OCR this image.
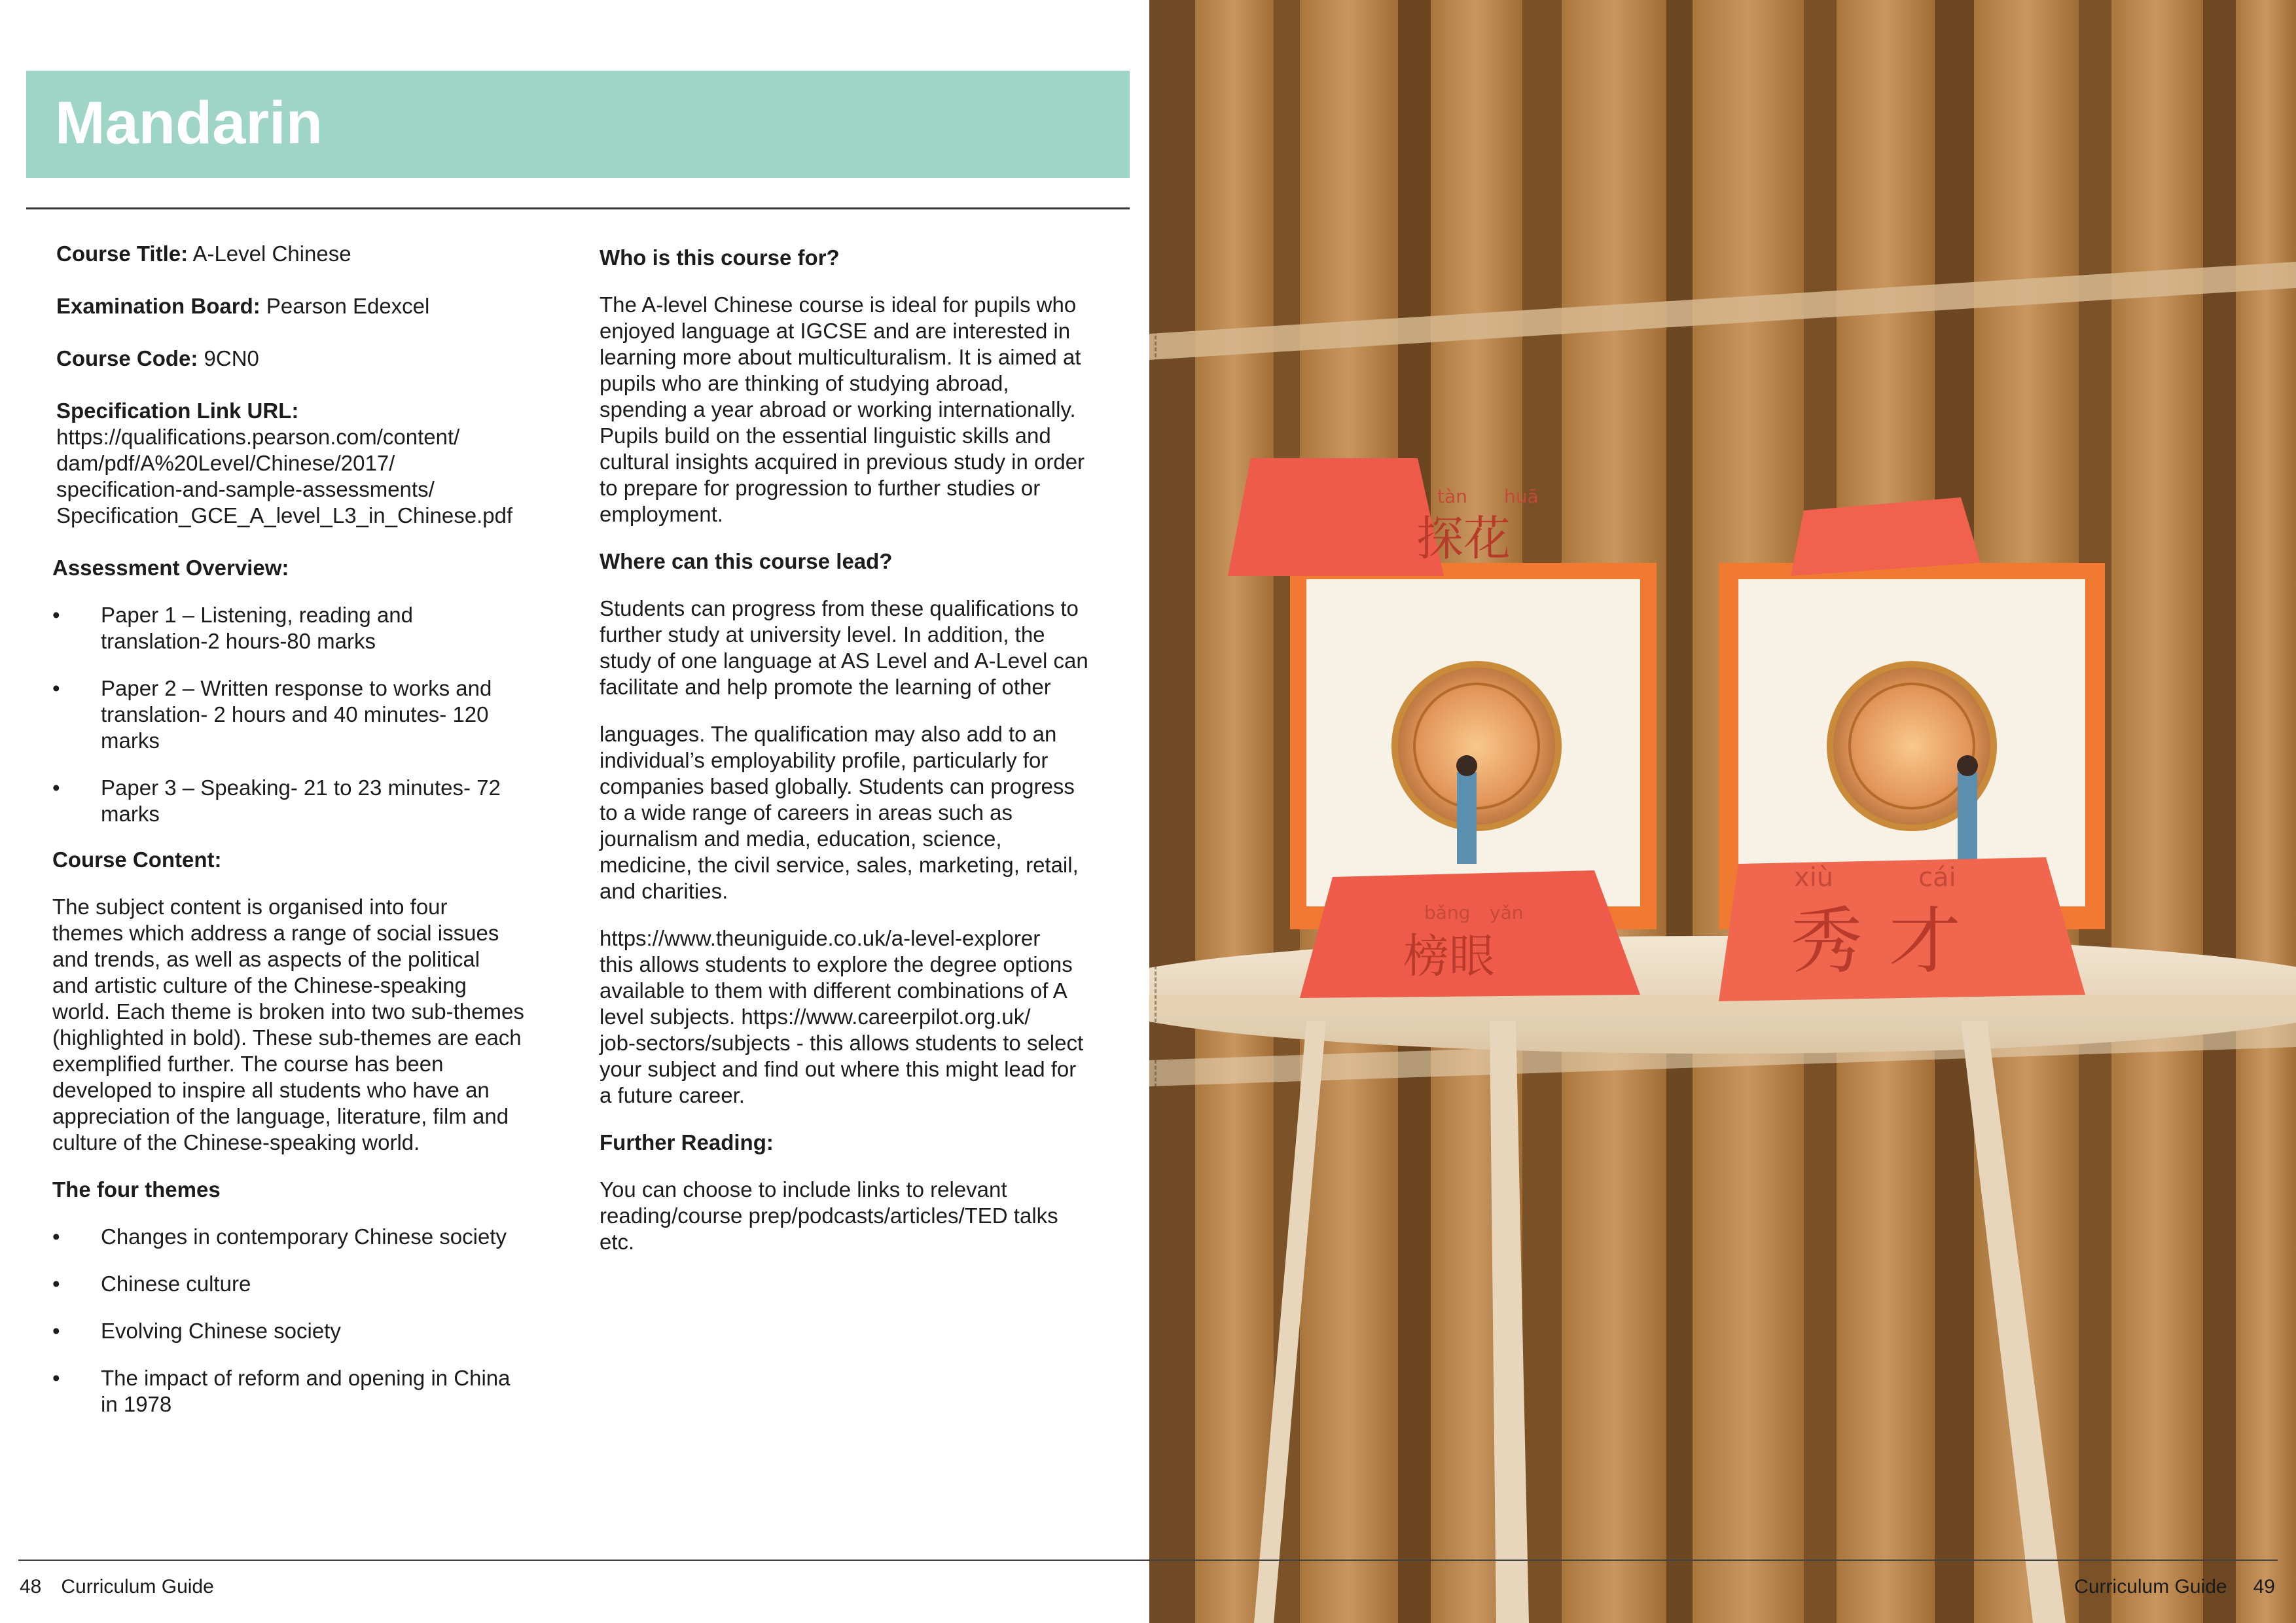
Mandarin
Course Title: A-Level Chinese
Examination Board: Pearson Edexcel
Course Code: 9CN0
Specification Link URL:
https://qualifications.pearson.com/content/
dam/pdf/A%20Level/Chinese/2017/
specification-and-sample-assessments/
Specification_GCE_A_level_L3_in_Chinese.pdf
Assessment Overview:
• Paper 1 – Listening, reading and
translation-2 hours-80 marks
• Paper 2 – Written response to works and
translation- 2 hours and 40 minutes- 120
marks
• Paper 3 – Speaking- 21 to 23 minutes- 72
marks
Course Content:
The subject content is organised into four
themes which address a range of social issues
and trends, as well as aspects of the political
and artistic culture of the Chinese-speaking
world. Each theme is broken into two sub-themes
(highlighted in bold). These sub-themes are each
exemplified further. The course has been
developed to inspire all students who have an
appreciation of the language, literature, film and
culture of the Chinese-speaking world.
The four themes
• Changes in contemporary Chinese society
• Chinese culture
• Evolving Chinese society
• The impact of reform and opening in China
in 1978
Who is this course for?
The A-level Chinese course is ideal for pupils who
enjoyed language at IGCSE and are interested in
learning more about multiculturalism. It is aimed at
pupils who are thinking of studying abroad,
spending a year abroad or working internationally.
Pupils build on the essential linguistic skills and
cultural insights acquired in previous study in order
to prepare for progression to further studies or
employment.
Where can this course lead?
Students can progress from these qualifications to
further study at university level. In addition, the
study of one language at AS Level and A-Level can
facilitate and help promote the learning of other
languages. The qualification may also add to an
individual’s employability profile, particularly for
companies based globally. Students can progress
to a wide range of careers in areas such as
journalism and media, education, science,
medicine, the civil service, sales, marketing, retail,
and charities.
https://www.theuniguide.co.uk/a-level-explorer
this allows students to explore the degree options
available to them with different combinations of A
level subjects. https://www.careerpilot.org.uk/
job-sectors/subjects - this allows students to select
your subject and find out where this might lead for
a future career.
Further Reading:
You can choose to include links to relevant
reading/course prep/podcasts/articles/TED talks
etc.
tàn huā
探花
bǎng yǎn
榜眼
xiù	cái
秀才
48 Curriculum Guide	Curriculum Guide 49
